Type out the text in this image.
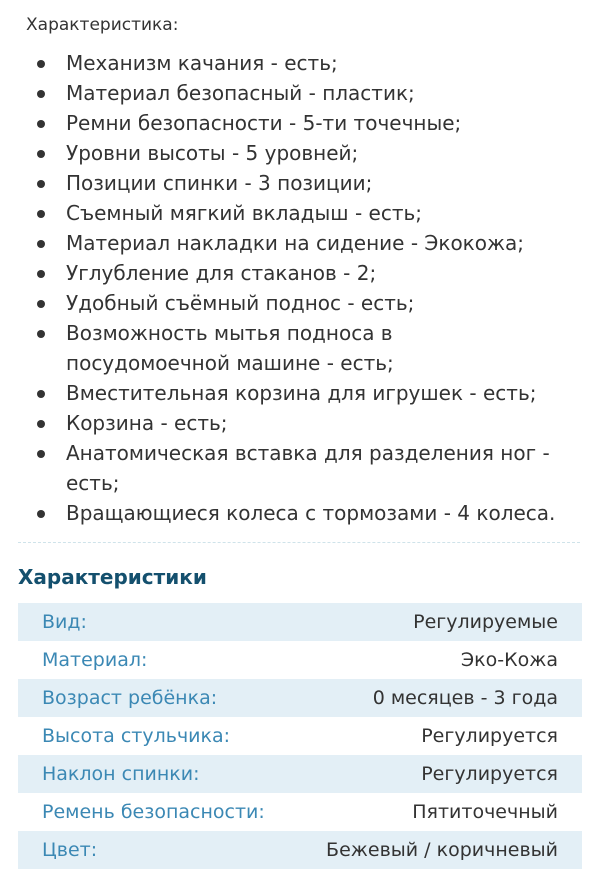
Характеристика:
Механизм качания - есть;
Материал безопасный - пластик;
Ремни безопасности - 5-ти точечные;
Уровни высоты - 5 уровней;
Позиции спинки - 3 позиции;
Съемный мягкий вкладыш - есть;
Материал накладки на сидение - Экокожа;
Углубление для стаканов - 2;
Удобный съёмный поднос - есть;
Возможность мытья подноса в посудомоечной машине - есть;
Вместительная корзина для игрушек - есть;
Корзина - есть;
Анатомическая вставка для разделения ног - есть;
Вращающиеся колеса с тормозами - 4 колеса.
Характеристики
Вид:	Регулируемые
Материал:	Эко-Кожа
Возраст ребёнка:	0 месяцев - 3 года
Высота стульчика:	Регулируется
Наклон спинки:	Регулируется
Ремень безопасности:	Пятиточечный
Цвет:	Бежевый / коричневый
